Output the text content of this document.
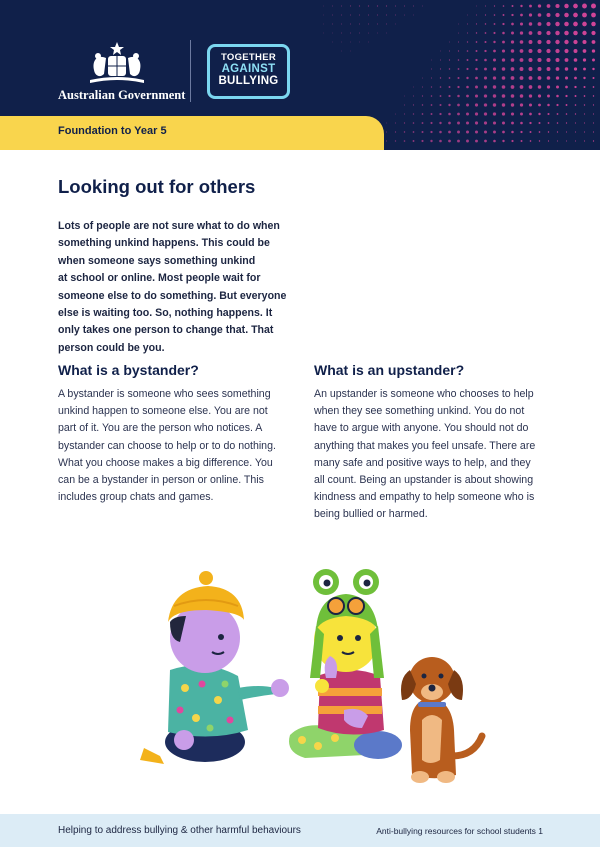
Australian Government
TOGETHER
AGAINST
BULLYING
Foundation to Year 5
Looking out for others

Lots of people are not sure what to do when
something unkind happens. This could be
when someone says something unkind
at school or online. Most people wait for
someone else to do something. But everyone
else is waiting too. So, nothing happens. It
only takes one person to change that. That
person could be you.

What is a bystander?

A bystander is someone who sees something
unkind happen to someone else. You are not
part of it. You are the person who notices. A
bystander can choose to help or to do nothing.
What you choose makes a big difference. You
can be a bystander in person or online. This
includes group chats and games.

What is an upstander?

An upstander is someone who chooses to help
when they see something unkind. You do not
have to argue with anyone. You should not do
anything that makes you feel unsafe. There are
many safe and positive ways to help, and they
all count. Being an upstander is about showing
kindness and empathy to help someone who is
being bullied or harmed.

Helping to address bullying & other harmful behaviours	Anti-bullying resources for school students 1
